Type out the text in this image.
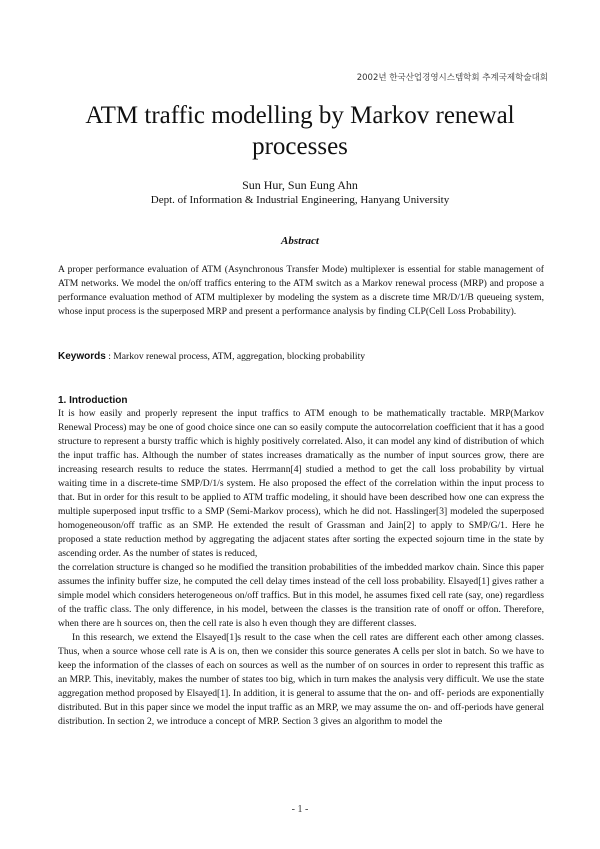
2002년 한국산업경영시스템학회 추계국제학술대회
ATM traffic modelling by Markov renewal
processes
Sun Hur, Sun Eung Ahn
Dept. of Information & Industrial Engineering, Hanyang University
Abstract

A proper performance evaluation of ATM (Asynchronous Transfer Mode) multiplexer is essential for stable management of ATM networks. We model the on/off traffics entering to the ATM switch as a Markov renewal process (MRP) and propose a performance evaluation method of ATM multiplexer by modeling the system as a discrete time MR/D/1/B queueing system, whose input process is the superposed MRP and present a performance analysis by finding CLP(Cell Loss Probability).

Keywords : Markov renewal process, ATM, aggregation, blocking probability
1. Introduction

It is how easily and properly represent the input traffics to ATM enough to be mathematically tractable. MRP(Markov Renewal Process) may be one of good choice since one can so easily compute the autocorrelation coefficient that it has a good structure to represent a bursty traffic which is highly positively correlated. Also, it can model any kind of distribution of which the input traffic has. Although the number of states increases dramatically as the number of input sources grow, there are increasing research results to reduce the states. Herrmann[4] studied a method to get the call loss probability by virtual waiting time in a discrete-time SMP/D/1/s system. He also proposed the effect of the correlation within the input process to that. But in order for this result to be applied to ATM traffic modeling, it should have been described how one can express the multiple superposed input trsffic to a SMP (Semi-Markov process), which he did not. Hasslinger[3] modeled the superposed homogeneouson/off traffic as an SMP. He extended the result of Grassman and Jain[2] to apply to SMP/G/1. Here he proposed a state reduction method by aggregating the adjacent states after sorting the expected sojourn time in the state by ascending order. As the number of states is reduced,

the correlation structure is changed so he modified the transition probabilities of the imbedded markov chain. Since this paper assumes the infinity buffer size, he computed the cell delay times instead of the cell loss probability. Elsayed[1] gives rather a simple model which considers heterogeneous on/off traffics. But in this model, he assumes fixed cell rate (say, one) regardless of the traffic class. The only difference, in his model, between the classes is the transition rate of onoff or offon. Therefore, when there are h sources on, then the cell rate is also h even though they are different classes.

In this research, we extend the Elsayed[1]s result to the case when the cell rates are different each other among classes. Thus, when a source whose cell rate is A is on, then we consider this source generates A cells per slot in batch. So we have to keep the information of the classes of each on sources as well as the number of on sources in order to represent this traffic as an MRP. This, inevitably, makes the number of states too big, which in turn makes the analysis very difficult. We use the state aggregation method proposed by Elsayed[1]. In addition, it is general to assume that the on- and off- periods are exponentially distributed. But in this paper since we model the input traffic as an MRP, we may assume the on- and off-periods have general distribution. In section 2, we introduce a concept of MRP. Section 3 gives an algorithm to model the

- 1 -
